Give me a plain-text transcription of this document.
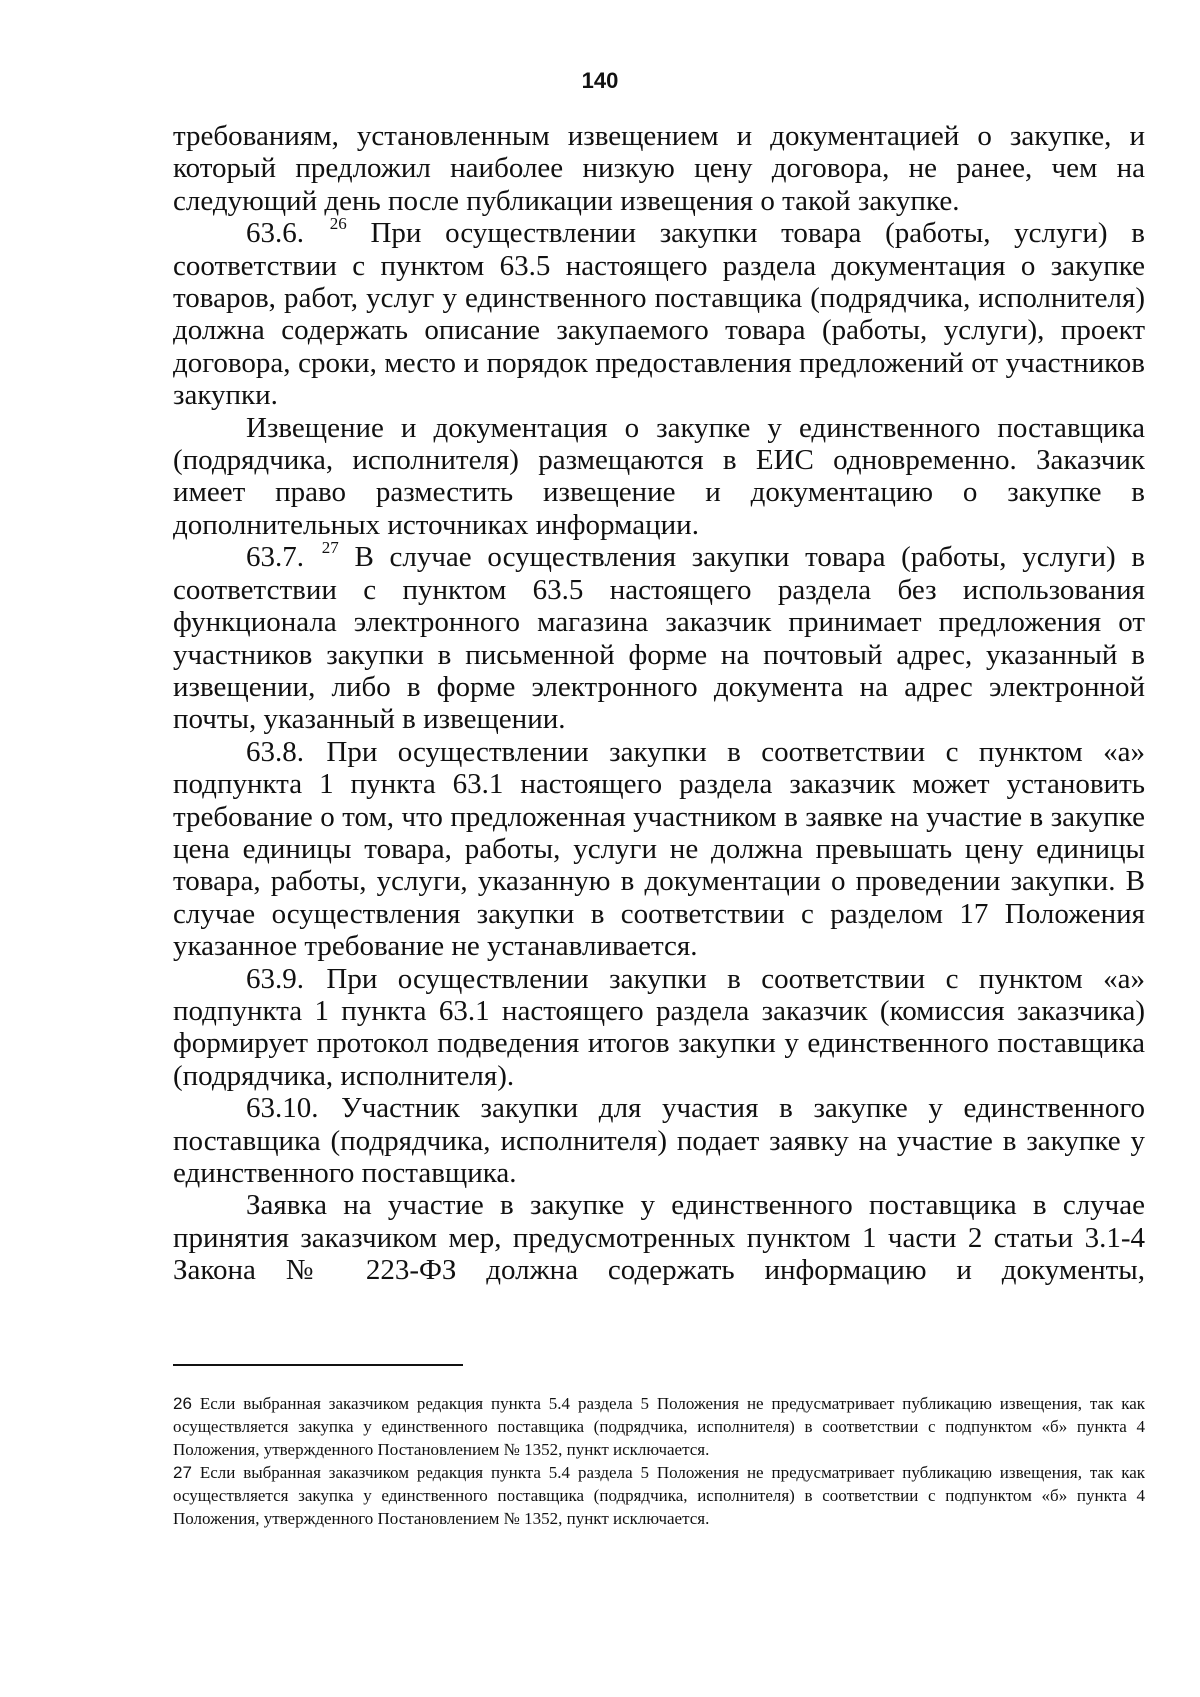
140

требованиям, установленным извещением и документацией о закупке, и который предложил наиболее низкую цену договора, не ранее, чем на следующий день после публикации извещения о такой закупке.

63.6. $^{26}$ При осуществлении закупки товара (работы, услуги) в соответствии с пунктом 63.5 настоящего раздела документация о закупке товаров, работ, услуг у единственного поставщика (подрядчика, исполнителя) должна содержать описание закупаемого товара (работы, услуги), проект договора, сроки, место и порядок предоставления предложений от участников закупки.

Извещение и документация о закупке у единственного поставщика (подрядчика, исполнителя) размещаются в ЕИС одновременно. Заказчик имеет право разместить извещение и документацию о закупке в дополнительных источниках информации.

63.7. $^{27}$ В случае осуществления закупки товара (работы, услуги) в соответствии с пунктом 63.5 настоящего раздела без использования функционала электронного магазина заказчик принимает предложения от участников закупки в письменной форме на почтовый адрес, указанный в извещении, либо в форме электронного документа на адрес электронной почты, указанный в извещении.

63.8. При осуществлении закупки в соответствии с пунктом «а» подпункта 1 пункта 63.1 настоящего раздела заказчик может установить требование о том, что предложенная участником в заявке на участие в закупке цена единицы товара, работы, услуги не должна превышать цену единицы товара, работы, услуги, указанную в документации о проведении закупки. В случае осуществления закупки в соответствии с разделом 17 Положения указанное требование не устанавливается.

63.9. При осуществлении закупки в соответствии с пунктом «а» подпункта 1 пункта 63.1 настоящего раздела заказчик (комиссия заказчика) формирует протокол подведения итогов закупки у единственного поставщика (подрядчика, исполнителя).

63.10. Участник закупки для участия в закупке у единственного поставщика (подрядчика, исполнителя) подает заявку на участие в закупке у единственного поставщика.

Заявка на участие в закупке у единственного поставщика в случае принятия заказчиком мер, предусмотренных пунктом 1 части 2 статьи 3.1-4 Закона № 223-ФЗ должна содержать информацию и документы,

26 Если выбранная заказчиком редакция пункта 5.4 раздела 5 Положения не предусматривает публикацию извещения, так как осуществляется закупка у единственного поставщика (подрядчика, исполнителя) в соответствии с подпунктом «б» пункта 4 Положения, утвержденного Постановлением № 1352, пункт исключается.

27 Если выбранная заказчиком редакция пункта 5.4 раздела 5 Положения не предусматривает публикацию извещения, так как осуществляется закупка у единственного поставщика (подрядчика, исполнителя) в соответствии с подпунктом «б» пункта 4 Положения, утвержденного Постановлением № 1352, пункт исключается.
